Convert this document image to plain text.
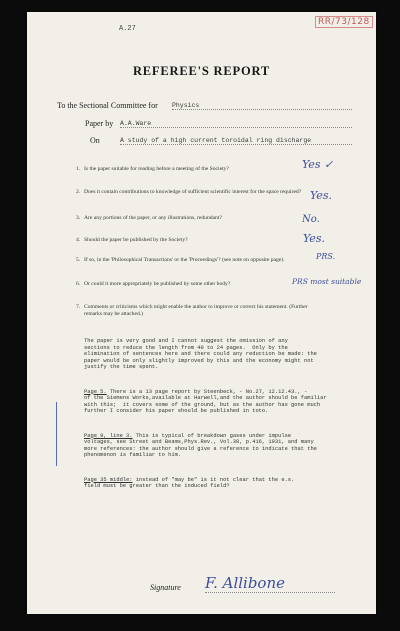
A.27
RR/73/128
REFEREE'S REPORT
To the Sectional Committee for Physics
Paper by A.A.Ware
On	A study of a high current toroidal ring discharge
1. Is the paper suitable for reading before a meeting of the Society?	Yes ✓
2. Does it contain contributions to knowledge of sufficient scientific interest for the space required? Yes.
3. Are any portions of the paper, or any illustrations, redundant?	No.
4. Should the paper be published by the Society?	Yes.
5. If so, in the 'Philosophical Transactions' or the 'Proceedings'? (see note on opposite page).	PRS.
6. Or could it more appropriately be published by some other body?	PRS most suitable
7. Comments or criticisms which might enable the author to improve or correct his statement. (Further remarks may be attached.)

The paper is very good and I cannot suggest the omission of any
sections to reduce the length from 40 to 24 pages.  Only by the
elimination of sentences here and there could any reduction be made: the
paper would be only slightly improved by this and the economy might not
justify the time spent.

Page 5. There is a 13 page report by Steenbeck, - No.27, 12.12.43., -
of the Siemens Works,available at Harwell,and the author should be familiar
with this;  it covers some of the ground, but as the author has gone much
further I consider his paper should be published in toto.

Page 9, line 3. This is typical of breakdown gases under impulse
voltages, see Street and Beams,Phys.Rev., Vol.38, p.416, 1931, and many
more references: the author should give a reference to indicate that the
phenomenon is familiar to him.

Page 35 middle: instead of "may be" is it not clear that the e.s.
field must be greater than the induced field?

Signature F. Allibone
